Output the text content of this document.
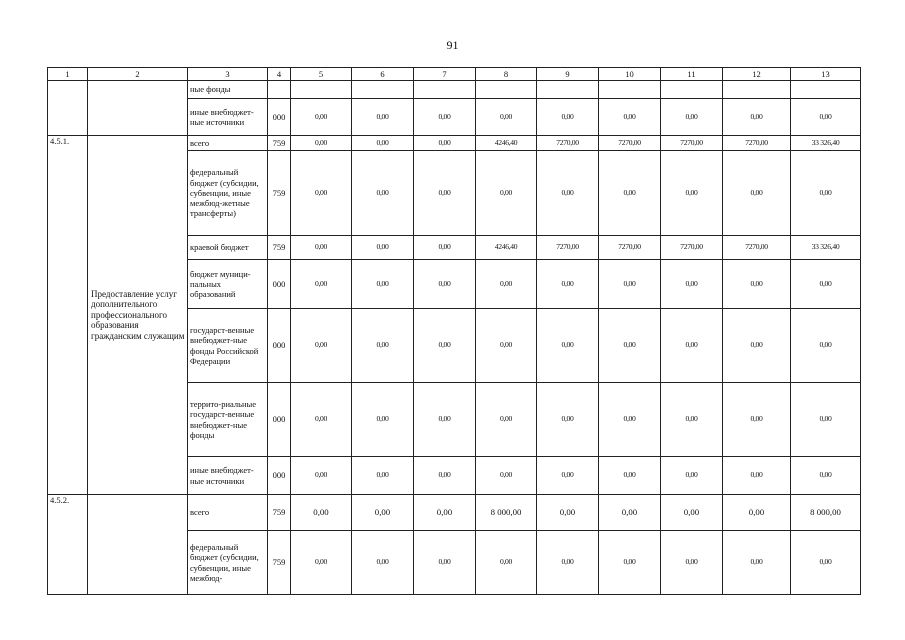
91
1	2	3	4	5	6	7	8	9	10	11	12	13
		ные фонды										
		иные внебюджет-ные источники	000	0,00	0,00	0,00	0,00	0,00	0,00	0,00	0,00	0,00
4.5.1.	Предоставление услуг дополнительного профессионального образования гражданским служащим	всего	759	0,00	0,00	0,00	4246,40	7270,00	7270,00	7270,00	7270,00	33 326,40
		федеральный бюджет (субсидии, субвенции, иные межбюд-жетные трансферты)	759	0,00	0,00	0,00	0,00	0,00	0,00	0,00	0,00	0,00
		краевой бюджет	759	0,00	0,00	0,00	4246,40	7270,00	7270,00	7270,00	7270,00	33 326,40
		бюджет муници-пальных образований	000	0,00	0,00	0,00	0,00	0,00	0,00	0,00	0,00	0,00
		государст-венные внебюджет-ные фонды Российской Федерации	000	0,00	0,00	0,00	0,00	0,00	0,00	0,00	0,00	0,00
		террито-риальные государст-венные внебюджет-ные фонды	000	0,00	0,00	0,00	0,00	0,00	0,00	0,00	0,00	0,00
		иные внебюджет-ные источники	000	0,00	0,00	0,00	0,00	0,00	0,00	0,00	0,00	0,00
4.5.2.		всего	759	0,00	0,00	0,00	8 000,00	0,00	0,00	0,00	0,00	8 000,00
		федеральный бюджет (субсидии, субвенции, иные межбюд-	759	0,00	0,00	0,00	0,00	0,00	0,00	0,00	0,00	0,00
